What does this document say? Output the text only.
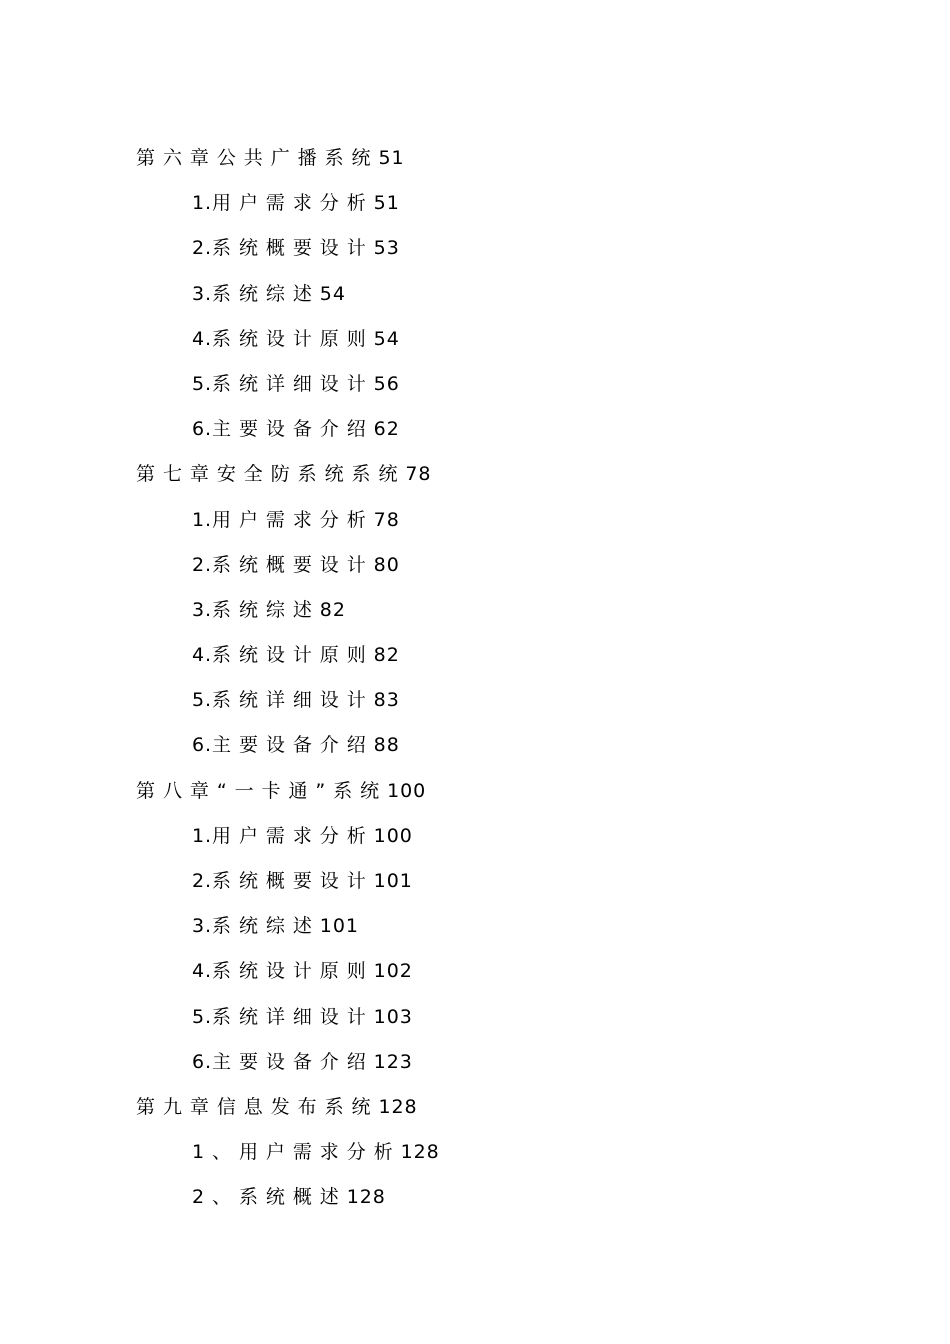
第 六 章 公 共 广 播 系 统 51
1.用 户 需 求 分 析 51
2.系 统 概 要 设 计 53
3.系 统 综 述 54
4.系 统 设 计 原 则 54
5.系 统 详 细 设 计 56
6.主 要 设 备 介 绍 62
第 七 章 安 全 防 系 统 系 统 78
1.用 户 需 求 分 析 78
2.系 统 概 要 设 计 80
3.系 统 综 述 82
4.系 统 设 计 原 则 82
5.系 统 详 细 设 计 83
6.主 要 设 备 介 绍 88
第 八 章 “ 一 卡 通 ” 系 统 100
1.用 户 需 求 分 析 100
2.系 统 概 要 设 计 101
3.系 统 综 述 101
4.系 统 设 计 原 则 102
5.系 统 详 细 设 计 103
6.主 要 设 备 介 绍 123
第 九 章 信 息 发 布 系 统 128
1 、 用 户 需 求 分 析 128
2 、 系 统 概 述 128
